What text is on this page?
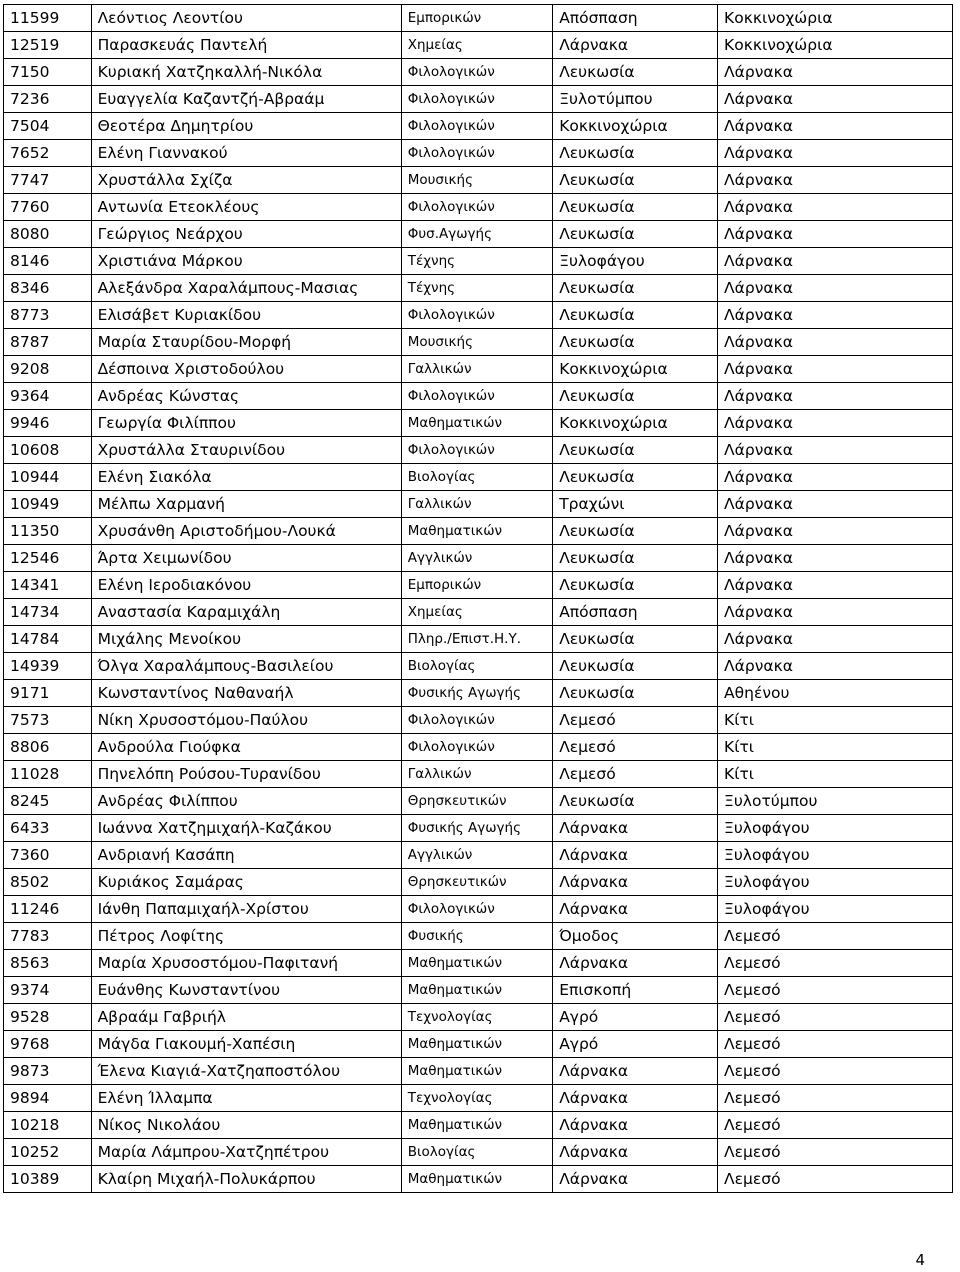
11599	Λεόντιος Λεοντίου	Εμπορικών	Απόσπαση	Κοκκινοχώρια
12519	Παρασκευάς Παντελή	Χημείας	Λάρνακα	Κοκκινοχώρια
7150	Κυριακή Χατζηκαλλή-Νικόλα	Φιλολογικών	Λευκωσία	Λάρνακα
7236	Ευαγγελία Καζαντζή-Αβραάμ	Φιλολογικών	Ξυλοτύμπου	Λάρνακα
7504	Θεοτέρα Δημητρίου	Φιλολογικών	Κοκκινοχώρια	Λάρνακα
7652	Ελένη Γιαννακού	Φιλολογικών	Λευκωσία	Λάρνακα
7747	Χρυστάλλα Σχίζα	Μουσικής	Λευκωσία	Λάρνακα
7760	Αντωνία Ετεοκλέους	Φιλολογικών	Λευκωσία	Λάρνακα
8080	Γεώργιος Νεάρχου	Φυσ.Αγωγής	Λευκωσία	Λάρνακα
8146	Χριστιάνα Μάρκου	Τέχνης	Ξυλοφάγου	Λάρνακα
8346	Αλεξάνδρα Χαραλάμπους-Μασιας	Τέχνης	Λευκωσία	Λάρνακα
8773	Ελισάβετ Κυριακίδου	Φιλολογικών	Λευκωσία	Λάρνακα
8787	Μαρία Σταυρίδου-Μορφή	Μουσικής	Λευκωσία	Λάρνακα
9208	Δέσποινα Χριστοδούλου	Γαλλικών	Κοκκινοχώρια	Λάρνακα
9364	Ανδρέας Κώνστας	Φιλολογικών	Λευκωσία	Λάρνακα
9946	Γεωργία Φιλίππου	Μαθηματικών	Κοκκινοχώρια	Λάρνακα
10608	Χρυστάλλα Σταυρινίδου	Φιλολογικών	Λευκωσία	Λάρνακα
10944	Ελένη Σιακόλα	Βιολογίας	Λευκωσία	Λάρνακα
10949	Μέλπω Χαρμανή	Γαλλικών	Τραχώνι	Λάρνακα
11350	Χρυσάνθη Αριστοδήμου-Λουκά	Μαθηματικών	Λευκωσία	Λάρνακα
12546	Άρτα Χειμωνίδου	Αγγλικών	Λευκωσία	Λάρνακα
14341	Ελένη Ιεροδιακόνου	Εμπορικών	Λευκωσία	Λάρνακα
14734	Αναστασία Καραμιχάλη	Χημείας	Απόσπαση	Λάρνακα
14784	Μιχάλης Μενοίκου	Πληρ./Επιστ.Η.Υ.	Λευκωσία	Λάρνακα
14939	Όλγα Χαραλάμπους-Βασιλείου	Βιολογίας	Λευκωσία	Λάρνακα
9171	Κωνσταντίνος Ναθαναήλ	Φυσικής Αγωγής	Λευκωσία	Αθηένου
7573	Νίκη Χρυσοστόμου-Παύλου	Φιλολογικών	Λεμεσό	Κίτι
8806	Ανδρούλα Γιούφκα	Φιλολογικών	Λεμεσό	Κίτι
11028	Πηνελόπη Ρούσου-Τυρανίδου	Γαλλικών	Λεμεσό	Κίτι
8245	Ανδρέας Φιλίππου	Θρησκευτικών	Λευκωσία	Ξυλοτύμπου
6433	Ιωάννα Χατζημιχαήλ-Καζάκου	Φυσικής Αγωγής	Λάρνακα	Ξυλοφάγου
7360	Ανδριανή Κασάπη	Αγγλικών	Λάρνακα	Ξυλοφάγου
8502	Κυριάκος Σαμάρας	Θρησκευτικών	Λάρνακα	Ξυλοφάγου
11246	Ιάνθη Παπαμιχαήλ-Χρίστου	Φιλολογικών	Λάρνακα	Ξυλοφάγου
7783	Πέτρος Λοφίτης	Φυσικής	Όμοδος	Λεμεσό
8563	Μαρία Χρυσοστόμου-Παφιτανή	Μαθηματικών	Λάρνακα	Λεμεσό
9374	Ευάνθης Κωνσταντίνου	Μαθηματικών	Επισκοπή	Λεμεσό
9528	Αβραάμ Γαβριήλ	Τεχνολογίας	Αγρό	Λεμεσό
9768	Μάγδα Γιακουμή-Χαπέσιη	Μαθηματικών	Αγρό	Λεμεσό
9873	Έλενα Κιαγιά-Χατζηαποστόλου	Μαθηματικών	Λάρνακα	Λεμεσό
9894	Ελένη Ίλλαμπα	Τεχνολογίας	Λάρνακα	Λεμεσό
10218	Νίκος Νικολάου	Μαθηματικών	Λάρνακα	Λεμεσό
10252	Μαρία Λάμπρου-Χατζηπέτρου	Βιολογίας	Λάρνακα	Λεμεσό
10389	Κλαίρη Μιχαήλ-Πολυκάρπου	Μαθηματικών	Λάρνακα	Λεμεσό
4
